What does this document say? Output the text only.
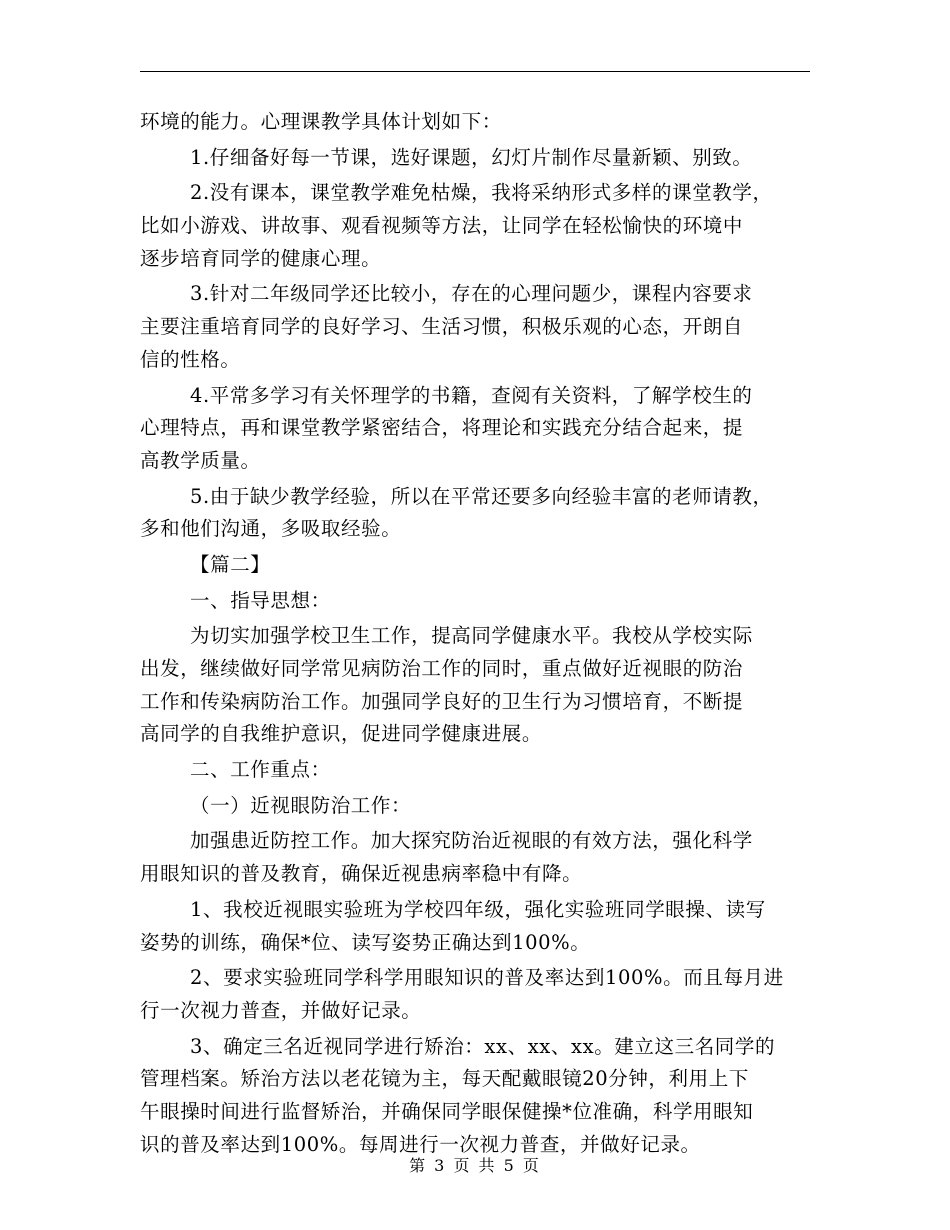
环境的能力。心理课教学具体计划如下：
1.仔细备好每一节课，选好课题，幻灯片制作尽量新颖、别致。
2.没有课本，课堂教学难免枯燥，我将采纳形式多样的课堂教学，
比如小游戏、讲故事、观看视频等方法，让同学在轻松愉快的环境中
逐步培育同学的健康心理。
3.针对二年级同学还比较小，存在的心理问题少，课程内容要求
主要注重培育同学的良好学习、生活习惯，积极乐观的心态，开朗自
信的性格。
4.平常多学习有关怀理学的书籍，查阅有关资料，了解学校生的
心理特点，再和课堂教学紧密结合，将理论和实践充分结合起来，提
高教学质量。
5.由于缺少教学经验，所以在平常还要多向经验丰富的老师请教，
多和他们沟通，多吸取经验。
【篇二】
一、指导思想：
为切实加强学校卫生工作，提高同学健康水平。我校从学校实际
出发，继续做好同学常见病防治工作的同时，重点做好近视眼的防治
工作和传染病防治工作。加强同学良好的卫生行为习惯培育，不断提
高同学的自我维护意识，促进同学健康进展。
二、工作重点：
（一）近视眼防治工作：
加强患近防控工作。加大探究防治近视眼的有效方法，强化科学
用眼知识的普及教育，确保近视患病率稳中有降。
1、我校近视眼实验班为学校四年级，强化实验班同学眼操、读写
姿势的训练，确保*位、读写姿势正确达到100%。
2、要求实验班同学科学用眼知识的普及率达到100%。而且每月进
行一次视力普查，并做好记录。
3、确定三名近视同学进行矫治：xx、xx、xx。建立这三名同学的
管理档案。矫治方法以老花镜为主，每天配戴眼镜20分钟，利用上下
午眼操时间进行监督矫治，并确保同学眼保健操*位准确，科学用眼知
识的普及率达到100%。每周进行一次视力普查，并做好记录。
第 3 页 共 5 页
